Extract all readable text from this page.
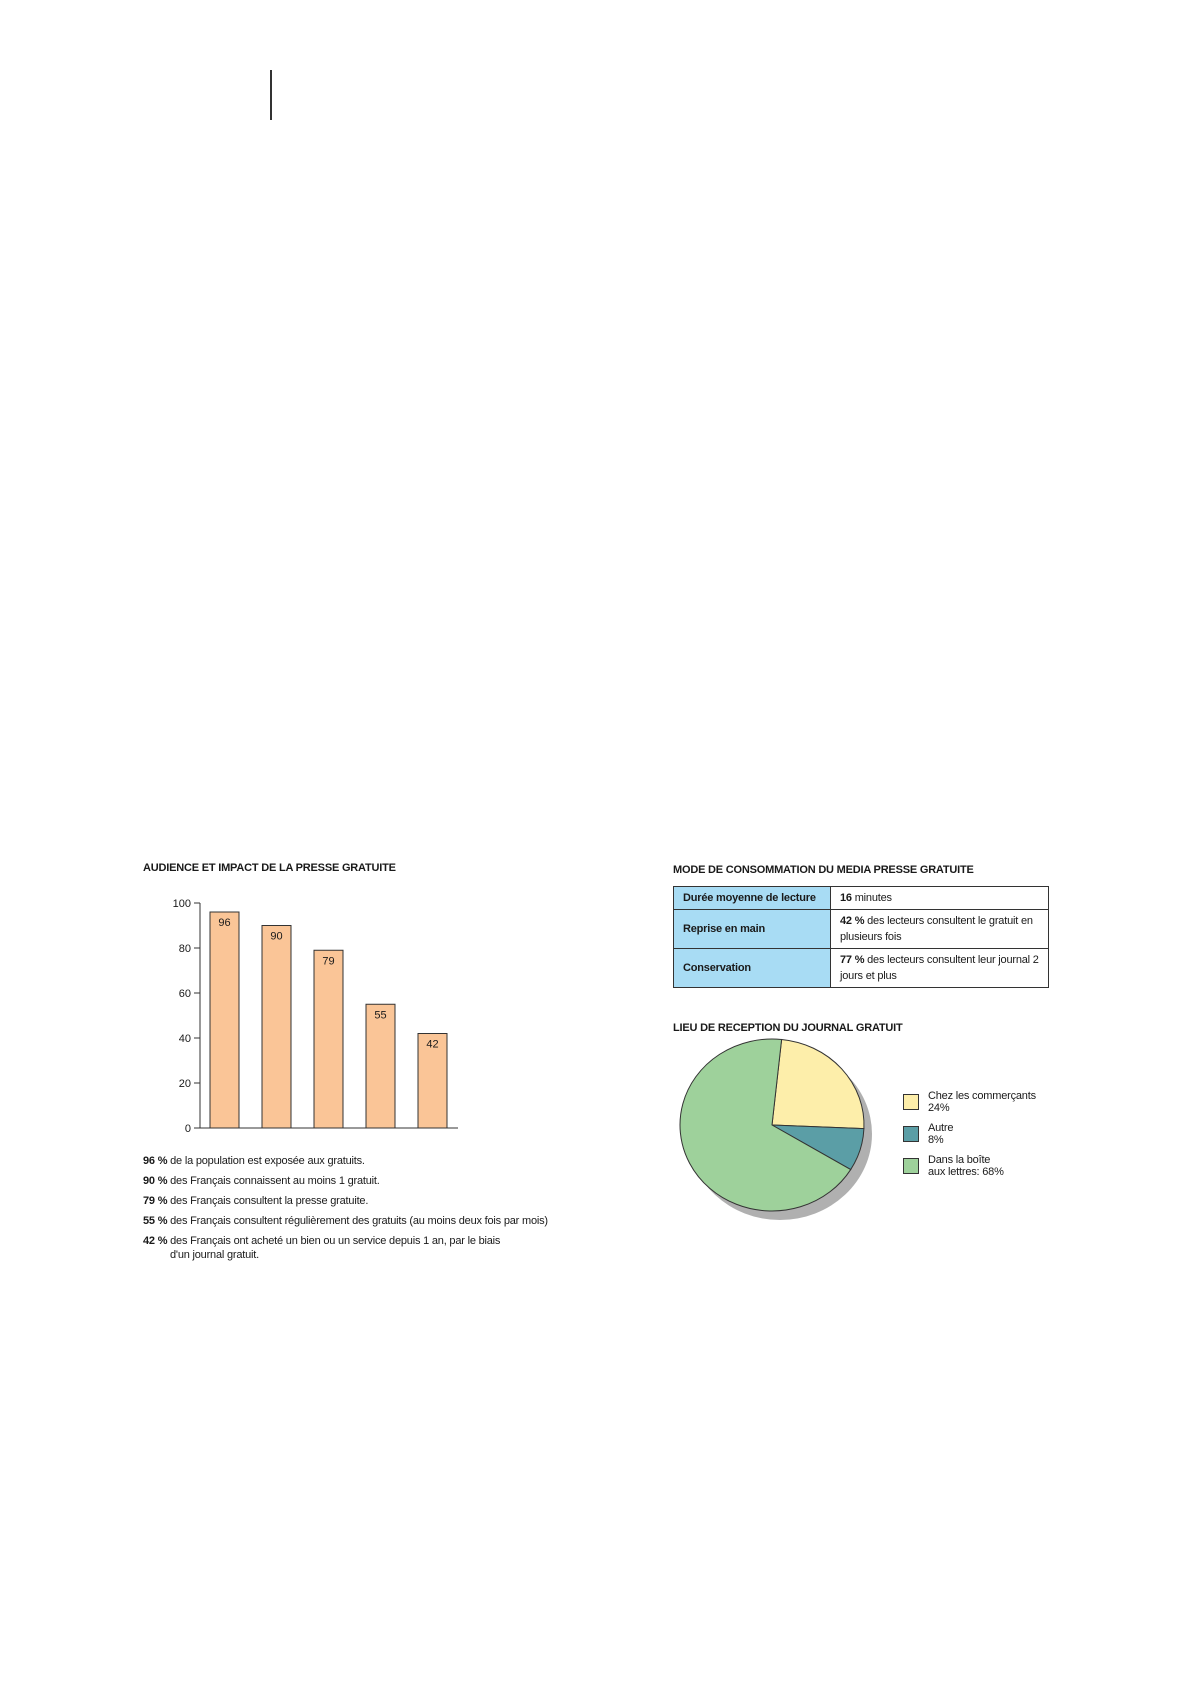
AUDIENCE ET IMPACT DE LA PRESSE GRATUITE
0
20
40
60
80
100
96
90
79
55
42
96 % de la population est exposée aux gratuits.
90 % des Français connaissent au moins 1 gratuit.
79 % des Français consultent la presse gratuite.
55 % des Français consultent régulièrement des gratuits (au moins deux fois par mois)
42 % des Français ont acheté un bien ou un service depuis 1 an, par le biais
d'un journal gratuit.
MODE DE CONSOMMATION DU MEDIA PRESSE GRATUITE
Durée moyenne de lecture	16 minutes
Reprise en main	42 % des lecteurs consultent le gratuit en plusieurs fois
Conservation	77 % des lecteurs consultent leur journal 2 jours et plus
LIEU DE RECEPTION DU JOURNAL GRATUIT
Chez les commerçants
24%
Autre
8%
Dans la boîte
aux lettres: 68%
